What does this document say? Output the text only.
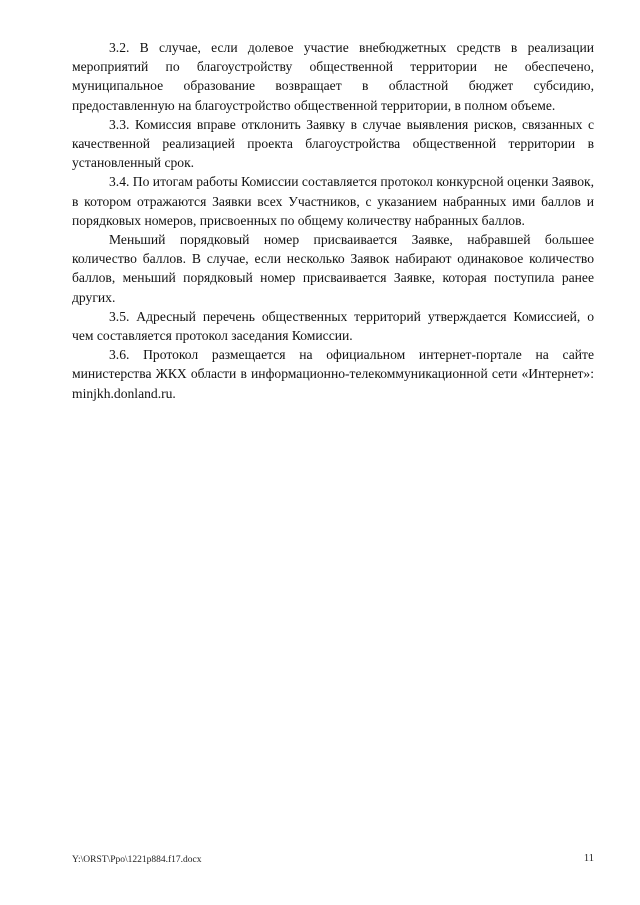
3.2. В случае, если долевое участие внебюджетных средств в реализации мероприятий по благоустройству общественной территории не обеспечено, муниципальное образование возвращает в областной бюджет субсидию, предоставленную на благоустройство общественной территории, в полном объеме.

3.3. Комиссия вправе отклонить Заявку в случае выявления рисков, связанных с качественной реализацией проекта благоустройства общественной территории в установленный срок.

3.4. По итогам работы Комиссии составляется протокол конкурсной оценки Заявок, в котором отражаются Заявки всех Участников, с указанием набранных ими баллов и порядковых номеров, присвоенных по общему количеству набранных баллов.

Меньший порядковый номер присваивается Заявке, набравшей большее количество баллов. В случае, если несколько Заявок набирают одинаковое количество баллов, меньший порядковый номер присваивается Заявке, которая поступила ранее других.

3.5. Адресный перечень общественных территорий утверждается Комиссией, о чем составляется протокол заседания Комиссии.

3.6. Протокол размещается на официальном интернет-портале на сайте министерства ЖКХ области в информационно-телекоммуникационной сети «Интернет»: minjkh.donland.ru.

Y:\ORST\Ppo\1221p884.f17.docx	11
